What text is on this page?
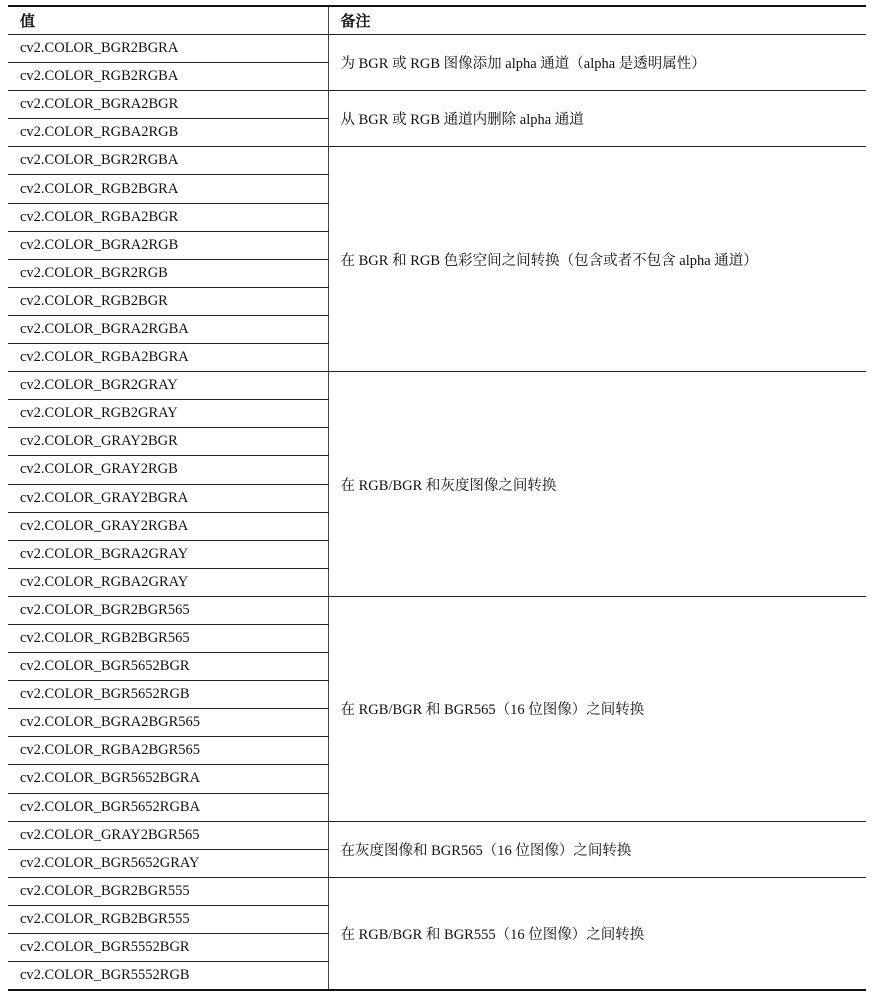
值	备注
cv2.COLOR_BGR2BGRA	为 BGR 或 RGB 图像添加 alpha 通道（alpha 是透明属性）
cv2.COLOR_RGB2RGBA	
cv2.COLOR_BGRA2BGR	从 BGR 或 RGB 通道内删除 alpha 通道
cv2.COLOR_RGBA2RGB	
cv2.COLOR_BGR2RGBA	在 BGR 和 RGB 色彩空间之间转换（包含或者不包含 alpha 通道）
cv2.COLOR_RGB2BGRA	
cv2.COLOR_RGBA2BGR	
cv2.COLOR_BGRA2RGB	
cv2.COLOR_BGR2RGB	
cv2.COLOR_RGB2BGR	
cv2.COLOR_BGRA2RGBA	
cv2.COLOR_RGBA2BGRA	
cv2.COLOR_BGR2GRAY	在 RGB/BGR 和灰度图像之间转换
cv2.COLOR_RGB2GRAY	
cv2.COLOR_GRAY2BGR	
cv2.COLOR_GRAY2RGB	
cv2.COLOR_GRAY2BGRA	
cv2.COLOR_GRAY2RGBA	
cv2.COLOR_BGRA2GRAY	
cv2.COLOR_RGBA2GRAY	
cv2.COLOR_BGR2BGR565	在 RGB/BGR 和 BGR565（16 位图像）之间转换
cv2.COLOR_RGB2BGR565	
cv2.COLOR_BGR5652BGR	
cv2.COLOR_BGR5652RGB	
cv2.COLOR_BGRA2BGR565	
cv2.COLOR_RGBA2BGR565	
cv2.COLOR_BGR5652BGRA	
cv2.COLOR_BGR5652RGBA	
cv2.COLOR_GRAY2BGR565	在灰度图像和 BGR565（16 位图像）之间转换
cv2.COLOR_BGR5652GRAY	
cv2.COLOR_BGR2BGR555	在 RGB/BGR 和 BGR555（16 位图像）之间转换
cv2.COLOR_RGB2BGR555	
cv2.COLOR_BGR5552BGR	
cv2.COLOR_BGR5552RGB	
